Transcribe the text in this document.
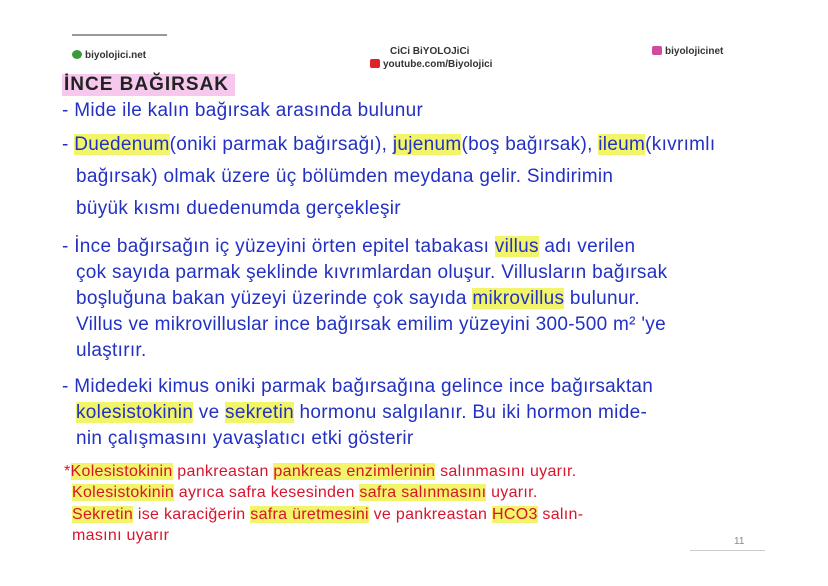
biyolojici.net	CiCi BiYOLOJiCi
youtube.com/Biyolojici
biyolojicinet
İNCE BAĞIRSAK
- Mide ile kalın bağırsak arasında bulunur
- Duedenum(oniki parmak bağırsağı), jujenum(boş bağırsak), ileum(kıvrımlı
bağırsak) olmak üzere üç bölümden meydana gelir. Sindirimin
büyük kısmı duedenumda gerçekleşir
- İnce bağırsağın iç yüzeyini örten epitel tabakası villus adı verilen
çok sayıda parmak şeklinde kıvrımlardan oluşur. Villusların bağırsak
boşluğuna bakan yüzeyi üzerinde çok sayıda mikrovillus bulunur.
Villus ve mikrovilluslar ince bağırsak emilim yüzeyini 300-500 m² 'ye
ulaştırır.
- Midedeki kimus oniki parmak bağırsağına gelince ince bağırsaktan
kolesistokinin ve sekretin hormonu salgılanır. Bu iki hormon mide-
nin çalışmasını yavaşlatıcı etki gösterir
*Kolesistokinin pankreastan pankreas enzimlerinin salınmasını uyarır.
Kolesistokinin ayrıca safra kesesinden safra salınmasını uyarır.
Sekretin ise karaciğerin safra üretmesini ve pankreastan HCO3 salın-
masını uyarır	11
